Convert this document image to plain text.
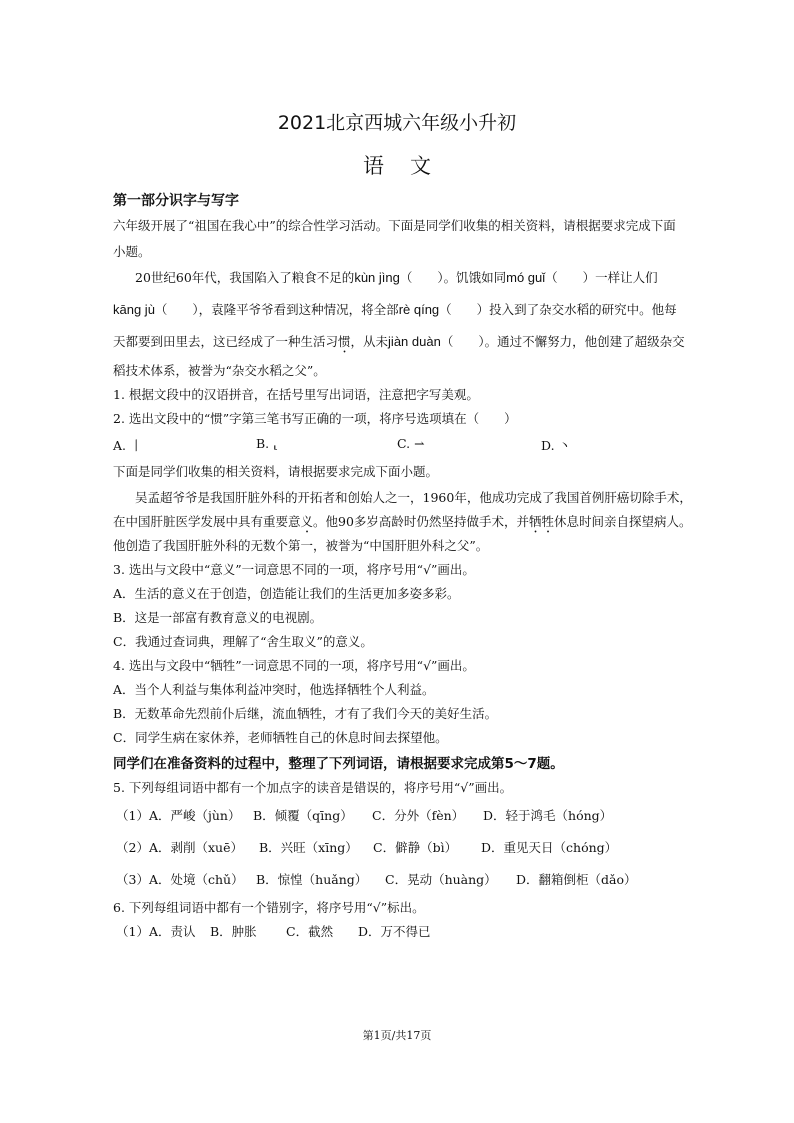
2021北京西城六年级小升初
语文
第一部分识字与写字
六年级开展了“祖国在我心中”的综合性学习活动。下面是同学们收集的相关资料，请根据要求完成下面
小题。
20世纪60年代，我国陷入了粮食不足的kùn jìng（　　）。饥饿如同mó guǐ（　　）一样让人们
kāng jù（　　），袁隆平爷爷看到这种情况，将全部rè qíng（　　）投入到了杂交水稻的研究中。他每
天都要到田里去，这已经成了一种生活习惯，从未jiàn duàn（　　）。通过不懈努力，他创建了超级杂交
稻技术体系，被誉为“杂交水稻之父”。
1. 根据文段中的汉语拼音，在括号里写出词语，注意把字写美观。
2. 选出文段中的“惯”字第三笔书写正确的一项，将序号选项填在（　　）
A. 丨	B. ⸤	C. ⇀	D. 丶
下面是同学们收集的相关资料，请根据要求完成下面小题。
吴孟超爷爷是我国肝脏外科的开拓者和创始人之一，1960年，他成功完成了我国首例肝癌切除手术，
在中国肝脏医学发展中具有重要意义。他90多岁高龄时仍然坚持做手术，并牺牲休息时间亲自探望病人。
他创造了我国肝脏外科的无数个第一，被誉为“中国肝胆外科之父”。
3. 选出与文段中“意义”一词意思不同的一项，将序号用“√”画出。
A．生活的意义在于创造，创造能让我们的生活更加多姿多彩。
B．这是一部富有教育意义的电视剧。
C．我通过查词典，理解了“舍生取义”的意义。
4. 选出与文段中“牺牲”一词意思不同的一项，将序号用“√”画出。
A．当个人利益与集体利益冲突时，他选择牺牲个人利益。
B．无数革命先烈前仆后继，流血牺牲，才有了我们今天的美好生活。
C．同学生病在家休养，老师牺牲自己的休息时间去探望他。
同学们在准备资料的过程中，整理了下列词语，请根据要求完成第5～7题。
5. 下列每组词语中都有一个加点字的读音是错误的，将序号用“√”画出。
（1）A．严峻（jùn） B．倾覆（qīng） C．分外（fèn） D．轻于鸿毛（hóng）
（2）A．剥削（xuē） B．兴旺（xīng） C．僻静（bì） D．重见天日（chóng）
（3）A．处境（chǔ） B．惊惶（huǎng） C．晃动（huàng） D．翻箱倒柜（dǎo）
6. 下列每组词语中都有一个错别字，将序号用“√”标出。
（1）A．责认 B．肿胀 C．截然 D．万不得已
第1页/共17页
